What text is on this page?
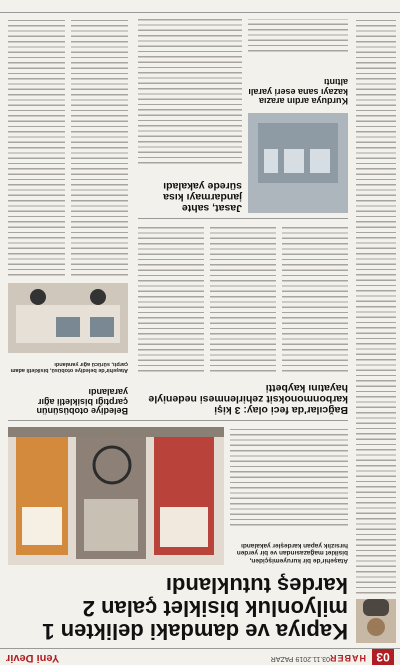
03
HABER
03.11.2019 PAZAR
Yeni Devir
Kapıya ve damdaki delikten 1 milyonluk bisiklet çalan 2 kardeş tutuklandı
Ataşehir'de bir kuruyemişçiden, bisiklet mağazasından ve bir yerden hırsızlık yapan kardeşler yakalandı
Bağcılar'da feci olay: 3 kişi karbonmonoksit zehirlenmesi nedeniyle hayatını kaybetti
Belediye otobüsünün çarptığı bisikletli ağır yaralandı
Ataşehir'de belediye otobüsü, bisikletli adam çarptı, sürücü ağır yaralandı
Jasat, sahte jandarmayı kısa sürede yakaladı
Kurduya ardın arazıa kazayı sana eseri yaralı altıntı
